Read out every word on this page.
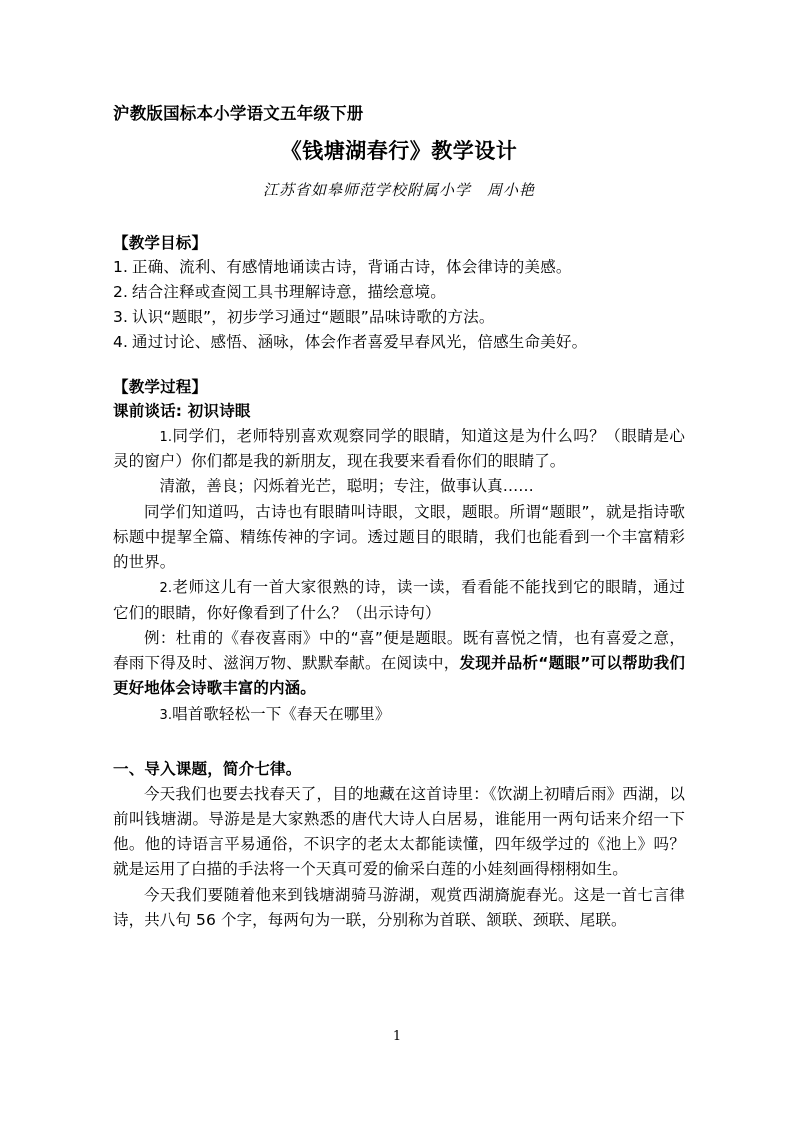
沪教版国标本小学语文五年级下册
《钱塘湖春行》教学设计
江苏省如皋师范学校附属小学　周小艳
【教学目标】
1. 正确、流利、有感情地诵读古诗，背诵古诗，体会律诗的美感。
2. 结合注释或查阅工具书理解诗意，描绘意境。
3. 认识“题眼”，初步学习通过“题眼”品味诗歌的方法。
4. 通过讨论、感悟、涵咏，体会作者喜爱早春风光，倍感生命美好。
【教学过程】
课前谈话: 初识诗眼

1.同学们，老师特别喜欢观察同学的眼睛，知道这是为什么吗？（眼睛是心灵的窗户）你们都是我的新朋友，现在我要来看看你们的眼睛了。

清澈，善良；闪烁着光芒，聪明；专注，做事认真……

同学们知道吗，古诗也有眼睛叫诗眼，文眼，题眼。所谓“题眼”，就是指诗歌标题中提挈全篇、精练传神的字词。透过题目的眼睛，我们也能看到一个丰富精彩的世界。

2.老师这儿有一首大家很熟的诗，读一读，看看能不能找到它的眼睛，通过它们的眼睛，你好像看到了什么？（出示诗句）

例：杜甫的《春夜喜雨》中的“喜”便是题眼。既有喜悦之情，也有喜爱之意，春雨下得及时、滋润万物、默默奉献。在阅读中，发现并品析“题眼”可以帮助我们更好地体会诗歌丰富的内涵。

3.唱首歌轻松一下《春天在哪里》

一、导入课题，简介七律。

今天我们也要去找春天了，目的地藏在这首诗里：《饮湖上初晴后雨》西湖，以前叫钱塘湖。导游是是大家熟悉的唐代大诗人白居易，谁能用一两句话来介绍一下他。他的诗语言平易通俗，不识字的老太太都能读懂，四年级学过的《池上》吗？就是运用了白描的手法将一个天真可爱的偷采白莲的小娃刻画得栩栩如生。

今天我们要随着他来到钱塘湖骑马游湖，观赏西湖旖旎春光。这是一首七言律诗，共八句 56 个字，每两句为一联，分别称为首联、颔联、颈联、尾联。

1
